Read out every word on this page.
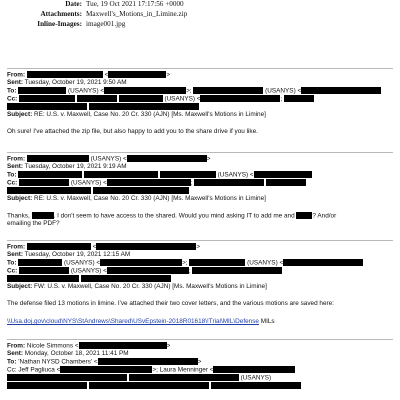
Date: Tue, 19 Oct 2021 17:17:56 +0000
Attachments: Maxwell's_Motions_in_Limine.zip
Inline-Images: image001.jpg
From:	<	>
Sent: Tuesday, October 19, 2021 9:50 AM
To:	(USANYS) <	>;	(USANYS) <
Cc:	(USANYS) <	;

Subject: RE: U.S. v. Maxwell, Case No. 20 Cr. 330 (AJN) [Ms. Maxwell's Motions in Limine]
Oh sure! I've attached the zip file, but also happy to add you to the share drive if you like.
From:	(USANYS) <	>
Sent: Tuesday, October 19, 2021 9:19 AM
To:	(USANYS) <
Cc:	(USANYS) <	;

Subject: RE: U.S. v. Maxwell, Case No. 20 Cr. 330 (AJN) [Ms. Maxwell's Motions in Limine]
Thanks,	. I don't seem to have access to the shared. Would you mind asking IT to add me and	? And/or
emailing the PDF?
From:	<	>
Sent: Tuesday, October 19, 2021 12:15 AM
To:	(USANYS) <	>;	(USANYS) <
Cc:	(USANYS) <	;

Subject: FW: U.S. v. Maxwell, Case No. 20 Cr. 330 (AJN) [Ms. Maxwell's Motions in Limine]
The defense filed 13 motions in limine. I've attached their two cover letters, and the various motions are saved here:
\\Usa.doj.gov\cloud\NYS\StAndrews\Shared\USvEpstein-2018R01618\!Trial\MIL\Defense MILs
From: Nicole Simmons <	>
Sent: Monday, October 18, 2021 11:41 PM
To: 'Nathan NYSD Chambers' <	>
Cc: Jeff Pagliuca <	>; Laura Menninger <
(USANYS)
